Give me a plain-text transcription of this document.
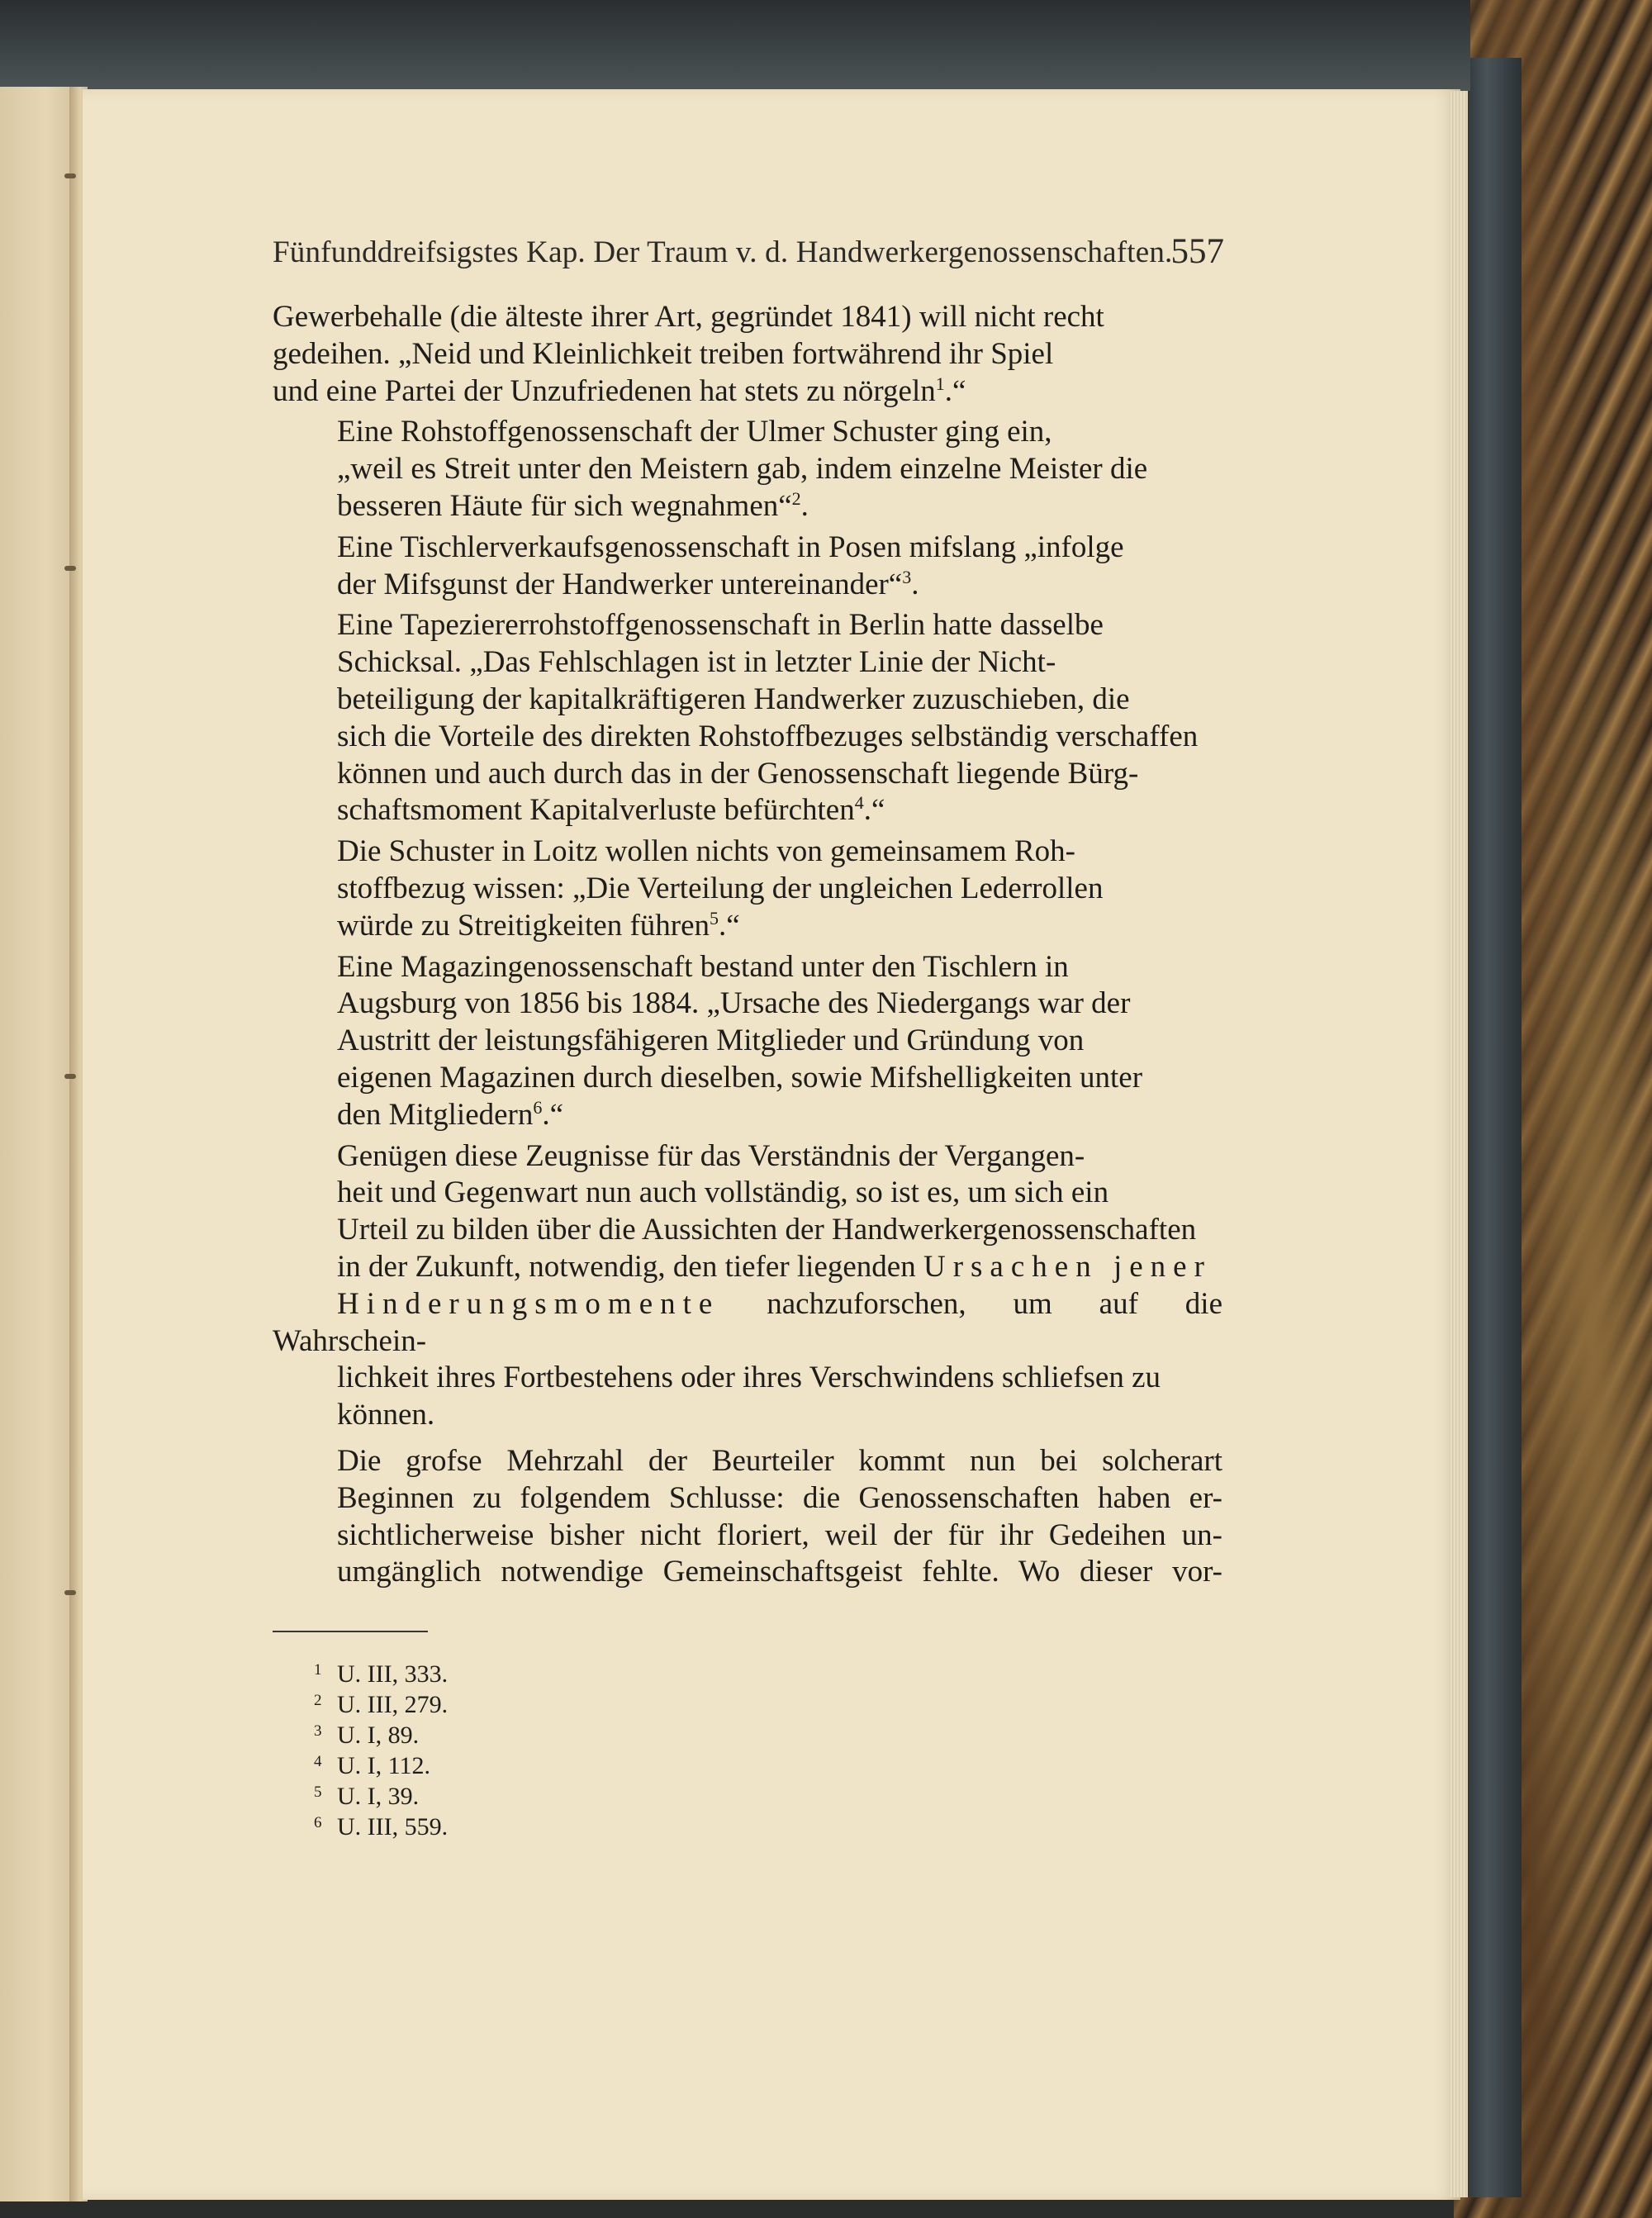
Fünfunddreifsigstes Kap. Der Traum v. d. Handwerkergenossenschaften.
557
Gewerbehalle (die älteste ihrer Art, gegründet 1841) will nicht recht
gedeihen. „Neid und Kleinlichkeit treiben fortwährend ihr Spiel
und eine Partei der Unzufriedenen hat stets zu nörgeln$^1$.“
Eine Rohstoffgenossenschaft der Ulmer Schuster ging ein,
„weil es Streit unter den Meistern gab, indem einzelne Meister die
besseren Häute für sich wegnahmen“$^2$.
Eine Tischlerverkaufsgenossenschaft in Posen mifslang „infolge
der Mifsgunst der Handwerker untereinander“$^3$.
Eine Tapeziererrohstoffgenossenschaft in Berlin hatte dasselbe
Schicksal. „Das Fehlschlagen ist in letzter Linie der Nicht-
beteiligung der kapitalkräftigeren Handwerker zuzuschieben, die
sich die Vorteile des direkten Rohstoffbezuges selbständig verschaffen
können und auch durch das in der Genossenschaft liegende Bürg-
schaftsmoment Kapitalverluste befürchten$^4$.“
Die Schuster in Loitz wollen nichts von gemeinsamem Roh-
stoffbezug wissen: „Die Verteilung der ungleichen Lederrollen
würde zu Streitigkeiten führen$^5$.“
Eine Magazingenossenschaft bestand unter den Tischlern in
Augsburg von 1856 bis 1884. „Ursache des Niedergangs war der
Austritt der leistungsfähigeren Mitglieder und Gründung von
eigenen Magazinen durch dieselben, sowie Mifshelligkeiten unter
den Mitgliedern$^6$.“
Genügen diese Zeugnisse für das Verständnis der Vergangen-
heit und Gegenwart nun auch vollständig, so ist es, um sich ein
Urteil zu bilden über die Aussichten der Handwerkergenossenschaften
in der Zukunft, notwendig, den tiefer liegenden Ursachen jener
Hinderungsmomente nachzuforschen, um auf die Wahrschein-
lichkeit ihres Fortbestehens oder ihres Verschwindens schliefsen zu
können.
Die grofse Mehrzahl der Beurteiler kommt nun bei solcherart
Beginnen zu folgendem Schlusse: die Genossenschaften haben er-
sichtlicherweise bisher nicht floriert, weil der für ihr Gedeihen un-
umgänglich notwendige Gemeinschaftsgeist fehlte. Wo dieser vor-
1 U. III, 333.
2 U. III, 279.
3 U. I, 89.
4 U. I, 112.
5 U. I, 39.
6 U. III, 559.
